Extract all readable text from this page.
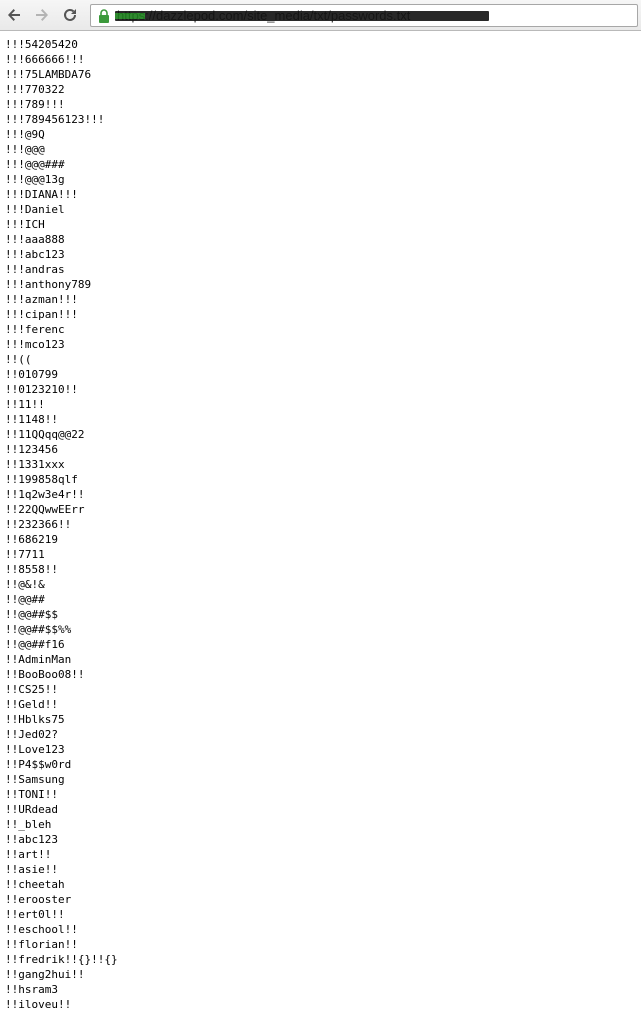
!!!54205420
!!!666666!!!
!!!75LAMBDA76
!!!770322
!!!789!!!
!!!789456123!!!
!!!@9Q
!!!@@@
!!!@@@###
!!!@@@13g
!!!DIANA!!!
!!!Daniel
!!!ICH
!!!aaa888
!!!abc123
!!!andras
!!!anthony789
!!!azman!!!
!!!cipan!!!
!!!ferenc
!!!mco123
!!((
!!010799
!!0123210!!
!!11!!
!!1148!!
!!11QQqq@@22
!!123456
!!1331xxx
!!199858qlf
!!1q2w3e4r!!
!!22QQwwEErr
!!232366!!
!!686219
!!7711
!!8558!!
!!@&!&
!!@@##
!!@@##$$
!!@@##$$%%
!!@@##f16
!!AdminMan
!!BooBoo08!!
!!CS25!!
!!Geld!!
!!Hblks75
!!Jed02?
!!Love123
!!P4$$w0rd
!!Samsung
!!TONI!!
!!URdead
!!_bleh
!!abc123
!!art!!
!!asie!!
!!cheetah
!!erooster
!!ert0l!!
!!eschool!!
!!florian!!
!!fredrik!!{}!!{}
!!gang2hui!!
!!hsram3
!!iloveu!!
